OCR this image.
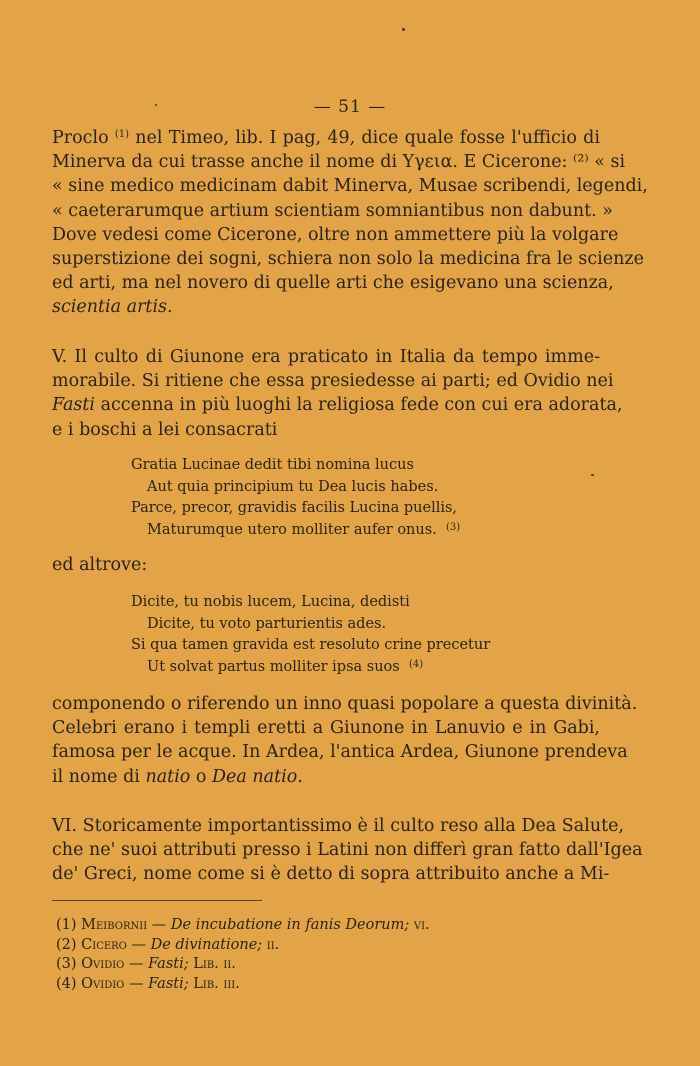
— 51 —
Proclo $^{(1)}$ nel Timeo, lib. I pag, 49, dice quale fosse l'ufficio di
Minerva da cui trasse anche il nome di Υγεια. E Cicerone: ⁽²⁾ « si
« sine medico medicinam dabit Minerva, Musae scribendi, legendi,
« caeterarumque artium scientiam somniantibus non dabunt. »
Dove vedesi come Cicerone, oltre non ammettere più la volgare
superstizione dei sogni, schiera non solo la medicina fra le scienze
ed arti, ma nel novero di quelle arti che esigevano una scienza,
scientia artis.
V. Il culto di Giunone era praticato in Italia da tempo imme-
morabile. Si ritiene che essa presiedesse ai parti; ed Ovidio nei
Fasti accenna in più luoghi la religiosa fede con cui era adorata,
e i boschi a lei consacrati
Gratia Lucinae dedit tibi nomina lucus
Aut quia principium tu Dea lucis habes.
Parce, precor, gravidis facilis Lucina puellis,
Maturumque utero molliter aufer onus. $^{(3)}$
ed altrove:
Dicite, tu nobis lucem, Lucina, dedisti
Dicite, tu voto parturientis ades.
Si qua tamen gravida est resoluto crine precetur
Ut solvat partus molliter ipsa suos $^{(4)}$
componendo o riferendo un inno quasi popolare a questa divinità.
Celebri erano i templi eretti a Giunone in Lanuvio e in Gabi,
famosa per le acque. In Ardea, l'antica Ardea, Giunone prendeva
il nome di natio o Dea natio.
VI. Storicamente importantissimo è il culto reso alla Dea Salute,
che ne' suoi attributi presso i Latini non differì gran fatto dall'Igea
de' Greci, nome come si è detto di sopra attribuito anche a Mi-
(1) Meibornii — De incubatione in fanis Deorum; vi.
(2) Cicero — De divinatione; ii.
(3) Ovidio — Fasti; Lib. ii.
(4) Ovidio — Fasti; Lib. iii.
